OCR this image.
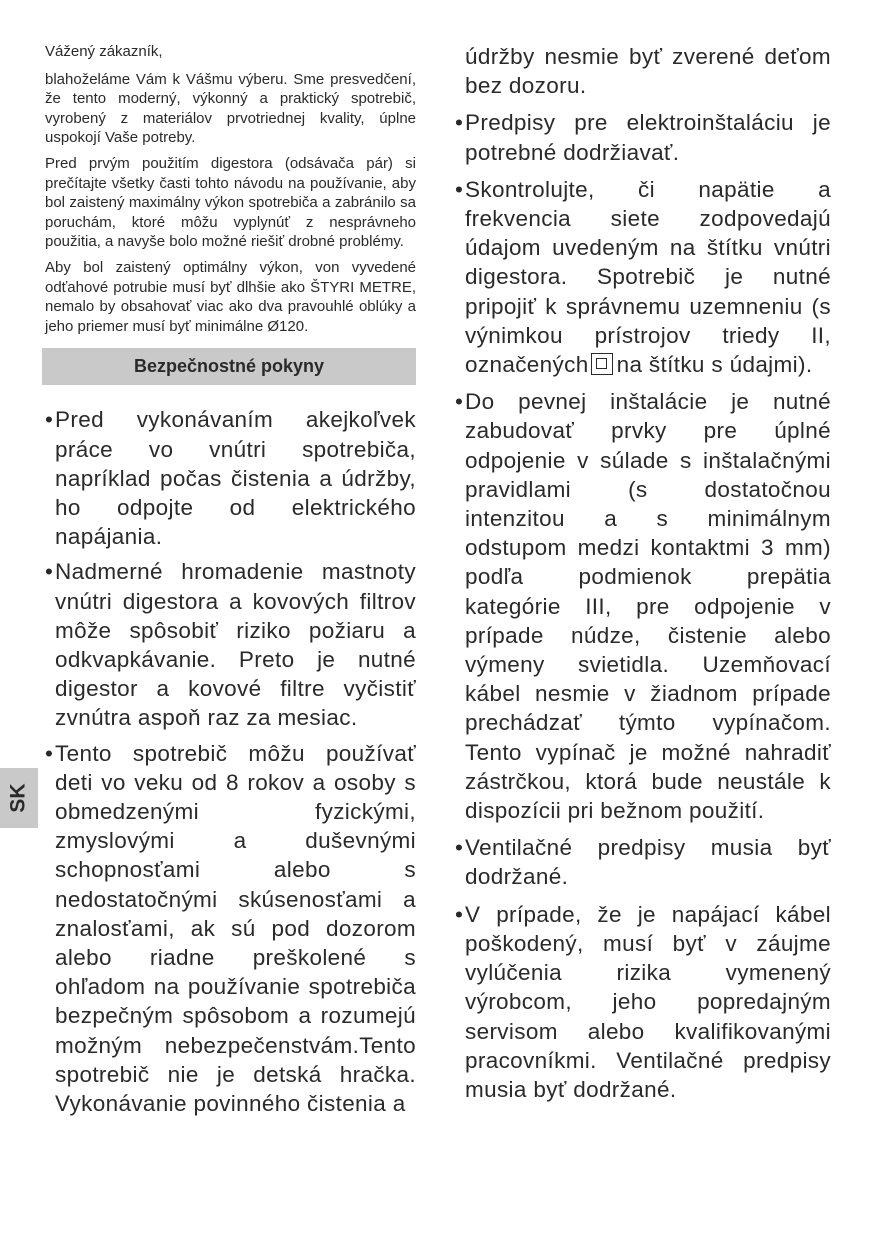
Vážený zákazník,

blahoželáme Vám k Vášmu výberu. Sme presvedčení, že tento moderný, výkonný a praktický spotrebič, vyrobený z materiálov prvotriednej kvality, úplne uspokojí Vaše potreby.

Pred prvým použitím digestora (odsávača pár) si prečítajte všetky časti tohto návodu na používanie, aby bol zaistený maximálny výkon spotrebiča a zabránilo sa poruchám, ktoré môžu vyplynúť z nesprávneho použitia, a navyše bolo možné riešiť drobné problémy.

Aby bol zaistený optimálny výkon, von vyvedené odťahové potrubie musí byť dlhšie ako ŠTYRI METRE, nemalo by obsahovať viac ako dva pravouhlé oblúky a jeho priemer musí byť minimálne Ø120.

Bezpečnostné pokyny

•Pred vykonávaním akejkoľvek práce vo vnútri spotrebiča, napríklad počas čistenia a údržby, ho odpojte od elektrického napájania.

•Nadmerné hromadenie mastnoty vnútri digestora a kovových filtrov môže spôsobiť riziko požiaru a odkvapkávanie. Preto je nutné digestor a kovové filtre vyčistiť zvnútra aspoň raz za mesiac.

•Tento spotrebič môžu používať deti vo veku od 8 rokov a osoby s obmedzenými fyzickými, zmyslovými a duševnými schopnosťami alebo s nedostatočnými skúsenosťami a znalosťami, ak sú pod dozorom alebo riadne preškolené s ohľadom na používanie spotrebiča bezpečným spôsobom a rozumejú možným nebezpečenstvám.Tento spotrebič nie je detská hračka. Vykonávanie povinného čistenia a

údržby nesmie byť zverené deťom bez dozoru.

•Predpisy pre elektroinštaláciu je potrebné dodržiavať.

•Skontrolujte, či napätie a frekvencia siete zodpovedajú údajom uvedeným na štítku vnútri digestora. Spotrebič je nutné pripojiť k správnemu uzemneniu (s výnimkou prístrojov triedy II, označených na štítku s údajmi).

•Do pevnej inštalácie je nutné zabudovať prvky pre úplné odpojenie v súlade s inštalačnými pravidlami (s dostatočnou intenzitou a s minimálnym odstupom medzi kontaktmi 3 mm) podľa podmienok prepätia kategórie III, pre odpojenie v prípade núdze, čistenie alebo výmeny svietidla. Uzemňovací kábel nesmie v žiadnom prípade prechádzať týmto vypínačom. Tento vypínač je možné nahradiť zástrčkou, ktorá bude neustále k dispozícii pri bežnom použití.

•Ventilačné predpisy musia byť dodržané.

•V prípade, že je napájací kábel poškodený, musí byť v záujme vylúčenia rizika vymenený výrobcom, jeho popredajným servisom alebo kvalifikovanými pracovníkmi. Ventilačné predpisy musia byť dodržané.

SK
